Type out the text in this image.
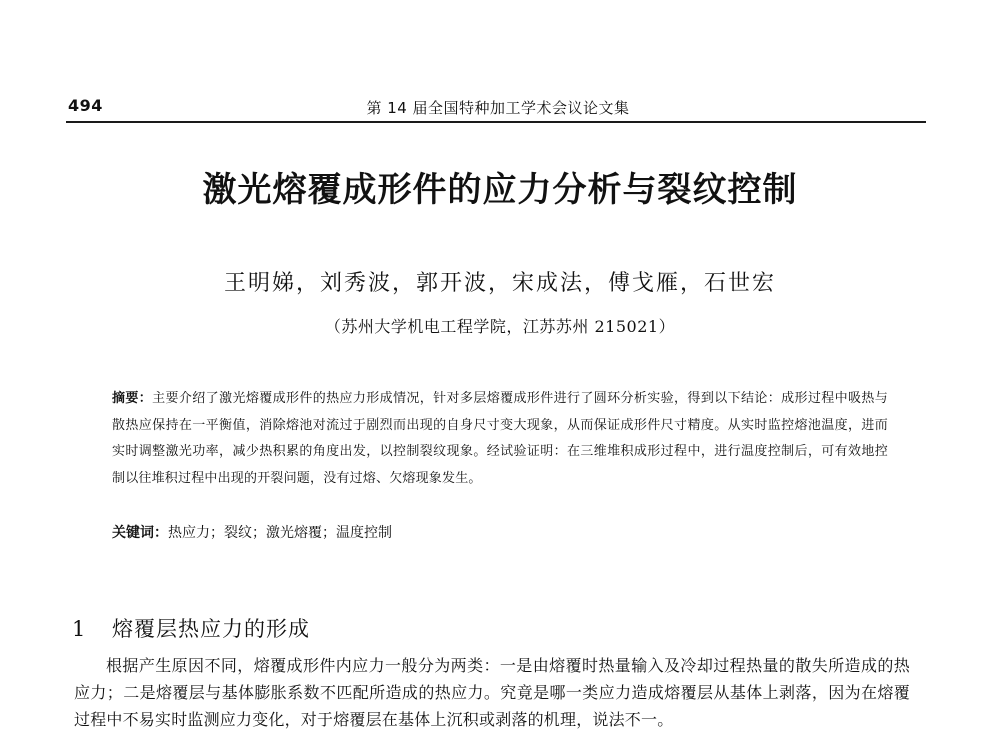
494	第 14 届全国特种加工学术会议论文集
激光熔覆成形件的应力分析与裂纹控制
王明娣，刘秀波，郭开波，宋成法，傅戈雁，石世宏
（苏州大学机电工程学院，江苏苏州 215021）
摘要：主要介绍了激光熔覆成形件的热应力形成情况，针对多层熔覆成形件进行了圆环分析实验，得到以下结论：成形过程中吸热与散热应保持在一平衡值，消除熔池对流过于剧烈而出现的自身尺寸变大现象，从而保证成形件尺寸精度。从实时监控熔池温度，进而实时调整激光功率，减少热积累的角度出发，以控制裂纹现象。经试验证明：在三维堆积成形过程中，进行温度控制后，可有效地控制以往堆积过程中出现的开裂问题，没有过熔、欠熔现象发生。
关键词：热应力；裂纹；激光熔覆；温度控制
1 熔覆层热应力的形成
根据产生原因不同，熔覆成形件内应力一般分为两类：一是由熔覆时热量输入及冷却过程热量的散失所造成的热应力；二是熔覆层与基体膨胀系数不匹配所造成的热应力。究竟是哪一类应力造成熔覆层从基体上剥落，因为在熔覆过程中不易实时监测应力变化，对于熔覆层在基体上沉积或剥落的机理，说法不一。
